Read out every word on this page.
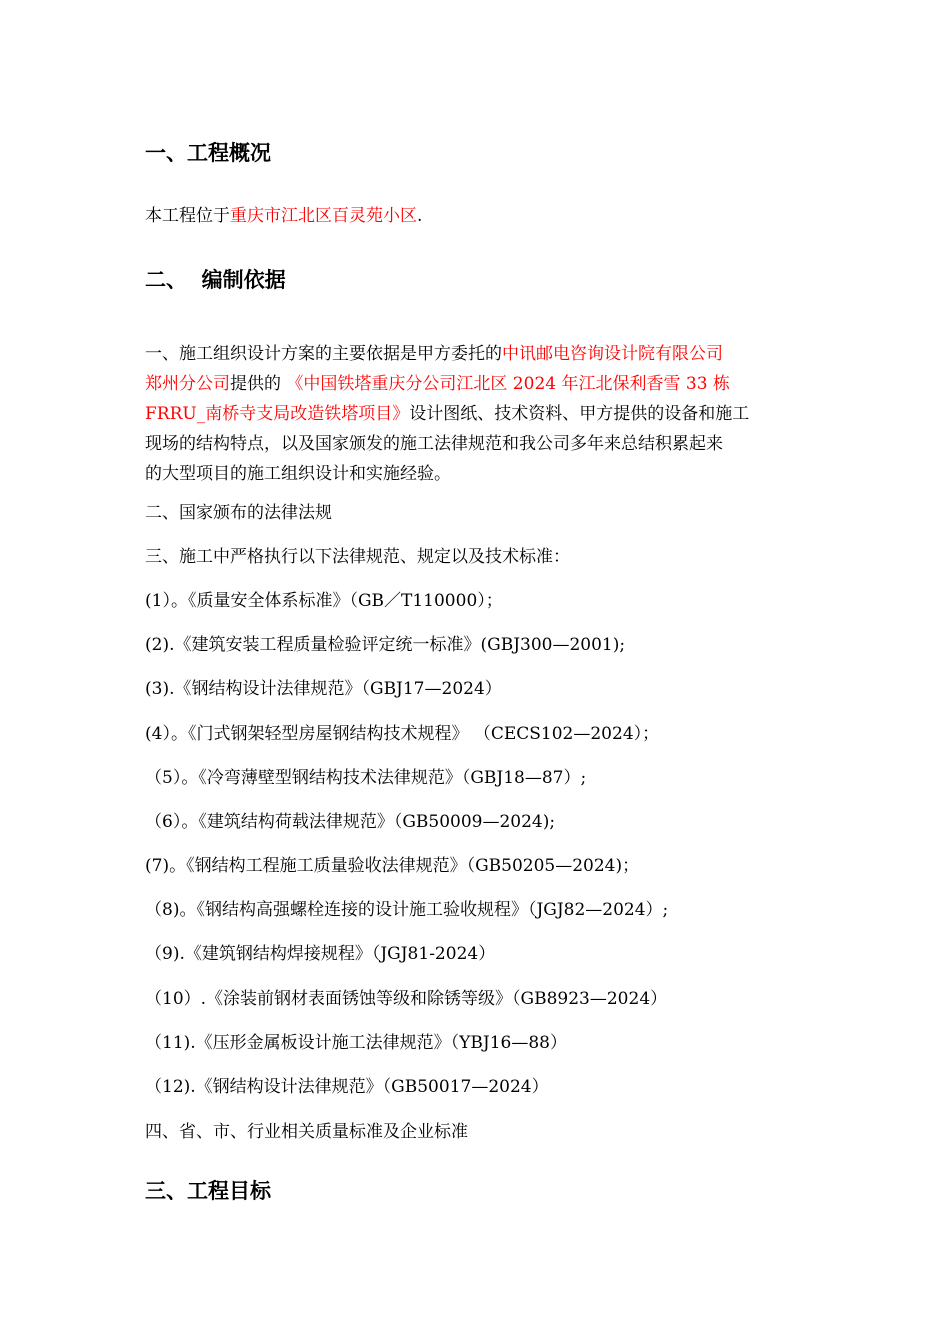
一、工程概况
本工程位于重庆市江北区百灵苑小区.
二、  编制依据
一、施工组织设计方案的主要依据是甲方委托的中讯邮电咨询设计院有限公司
郑州分公司提供的 《中国铁塔重庆分公司江北区 2024 年江北保利香雪 33 栋
FRRU_南桥寺支局改造铁塔项目》设计图纸、技术资料、甲方提供的设备和施工
现场的结构特点，以及国家颁发的施工法律规范和我公司多年来总结积累起来
的大型项目的施工组织设计和实施经验。
二、国家颁布的法律法规
三、施工中严格执行以下法律规范、规定以及技术标准：
(1）。《质量安全体系标准》（GB／T110000）；
(2).《建筑安装工程质量检验评定统一标准》(GBJ300—2001);
(3).《钢结构设计法律规范》（GBJ17—2024）
(4）。《门式钢架轻型房屋钢结构技术规程》 （CECS102—2024）；
（5）。《冷弯薄壁型钢结构技术法律规范》（GBJ18—87）;
（6）。《建筑结构荷载法律规范》（GB50009—2024);
(7)。《钢结构工程施工质量验收法律规范》（GB50205—2024)；
（8)。《钢结构高强螺栓连接的设计施工验收规程》（JGJ82—2024）;
（9).《建筑钢结构焊接规程》（JGJ81-2024）
（10）.《涂装前钢材表面锈蚀等级和除锈等级》（GB8923—2024）
（11).《压形金属板设计施工法律规范》（YBJ16—88）
（12).《钢结构设计法律规范》（GB50017—2024）
四、省、市、行业相关质量标准及企业标准
三、工程目标
